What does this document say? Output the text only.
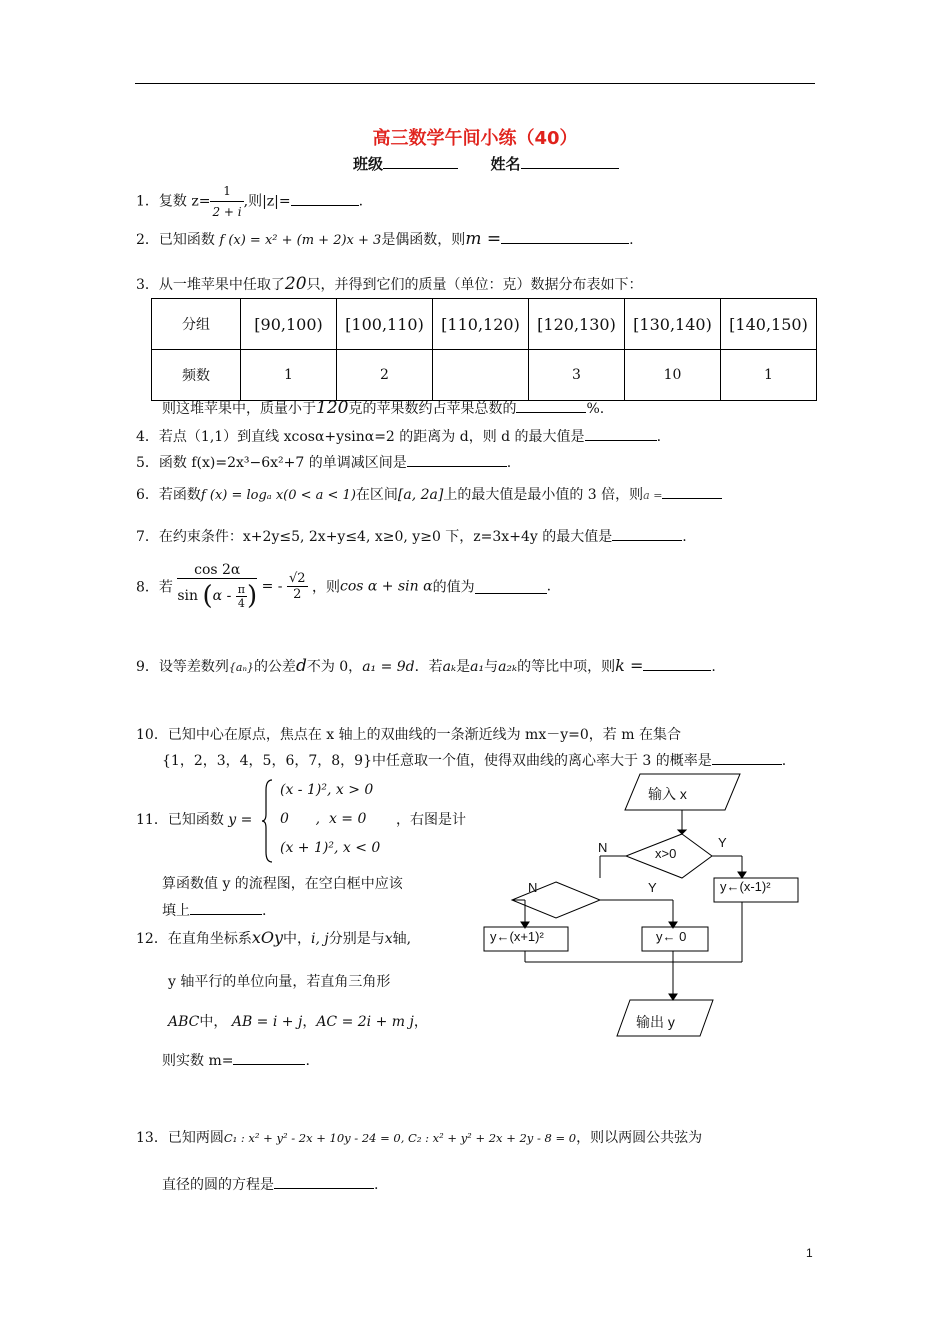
高三数学午间小练（40）
班级	姓名
1．复数 $z= \frac{1}{2 + i}$ ,则|z|=	.
2．已知函数 f (x) = x² + (m + 2)x + 3是偶函数，则m =	.
3．从一堆苹果中任取了20只，并得到它们的质量（单位：克）数据分布表如下：
分组	[90,100)	[100,110)	[110,120)	[120,130)	[130,140)	[140,150)
频数	1	2		3	10	1
则这堆苹果中，质量小于120克的苹果数约占苹果总数的	%.
4．若点（1,1）到直线 xcosα+ysinα=2 的距离为 d，则 d 的最大值是	.
5．函数 f(x)=2x³−6x²+7 的单调减区间是	.
6．若函数f (x) = logₐ x(0 < a < 1)在区间[a, 2a]上的最大值是最小值的 3 倍，则a =
7．在约束条件：x+2y≤5, 2x+y≤4, x≥0, y≥0 下，z=3x+4y 的最大值是	.
8．若 $\frac{\cos 2\alpha}{\sin (\alpha - \frac{\pi}{4} )}$ = - $\frac{√2}{2}$ ，则cos α + sin α的值为	.
9．设等差数列{aₙ}的公差d不为 0，a₁ = 9d．若aₖ是a₁与a₂ₖ的等比中项，则k =	.
10．已知中心在原点，焦点在 x 轴上的双曲线的一条渐近线为 mx－y=0，若 m 在集合
{1，2，3，4，5，6，7，8，9}中任意取一个值，使得双曲线的离心率大于 3 的概率是	.
11．已知函数 y =
(x - 1)², x > 0
0      ,  x = 0
(x + 1)², x < 0
，右图是计
算函数值 y 的流程图，在空白框中应该
填上	.
输入 x
x>0
Y
N
y←(x-1)²
Y
N
y←(x+1)²	y← 0
输出 y
12．在直角坐标系xOy中，i, j分别是与x轴,
y 轴平行的单位向量，若直角三角形
ABC中， AB = i + j，AC = 2i + m j，
则实数 m=	.
13．已知两圆C₁ : x² + y² - 2x + 10y - 24 = 0, C₂ : x² + y² + 2x + 2y - 8 = 0，则以两圆公共弦为
直径的圆的方程是	.
1
